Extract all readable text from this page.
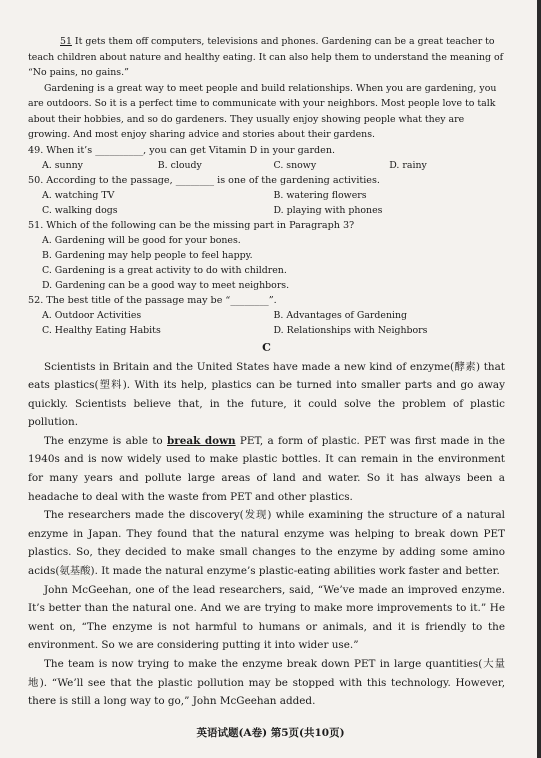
51 It gets them off computers, televisions and phones. Gardening can be a great teacher to teach children about nature and healthy eating. It can also help them to understand the meaning of “No pains, no gains.”

Gardening is a great way to meet people and build relationships. When you are gardening, you are outdoors. So it is a perfect time to communicate with your neighbors. Most people love to talk about their hobbies, and so do gardeners. They usually enjoy showing people what they are growing. And most enjoy sharing advice and stories about their gardens.

49. When it’s __________, you can get Vitamin D in your garden.

A. sunny	B. cloudy	C. snowy	D. rainy

50. According to the passage, ________ is one of the gardening activities.

A. watching TV	B. watering flowers
C. walking dogs	D. playing with phones

51. Which of the following can be the missing part in Paragraph 3?

A. Gardening will be good for your bones.
B. Gardening may help people to feel happy.
C. Gardening is a great activity to do with children.
D. Gardening can be a good way to meet neighbors.

52. The best title of the passage may be “________”.

A. Outdoor Activities	B. Advantages of Gardening
C. Healthy Eating Habits	D. Relationships with Neighbors
C

Scientists in Britain and the United States have made a new kind of enzyme(酵素) that eats plastics(塑料). With its help, plastics can be turned into smaller parts and go away quickly. Scientists believe that, in the future, it could solve the problem of plastic pollution.

The enzyme is able to break down PET, a form of plastic. PET was first made in the 1940s and is now widely used to make plastic bottles. It can remain in the environment for many years and pollute large areas of land and water. So it has always been a headache to deal with the waste from PET and other plastics.

The researchers made the discovery(发现) while examining the structure of a natural enzyme in Japan. They found that the natural enzyme was helping to break down PET plastics. So, they decided to make small changes to the enzyme by adding some amino acids(氨基酸). It made the natural enzyme’s plastic-eating abilities work faster and better.

John McGeehan, one of the lead researchers, said, “We’ve made an improved enzyme. It’s better than the natural one. And we are trying to make more improvements to it.” He went on, “The enzyme is not harmful to humans or animals, and it is friendly to the environment. So we are considering putting it into wider use.”

The team is now trying to make the enzyme break down PET in large quantities(大量地). “We’ll see that the plastic pollution may be stopped with this technology. However, there is still a long way to go,” John McGeehan added.

英语试题(A卷) 第5页(共10页)
